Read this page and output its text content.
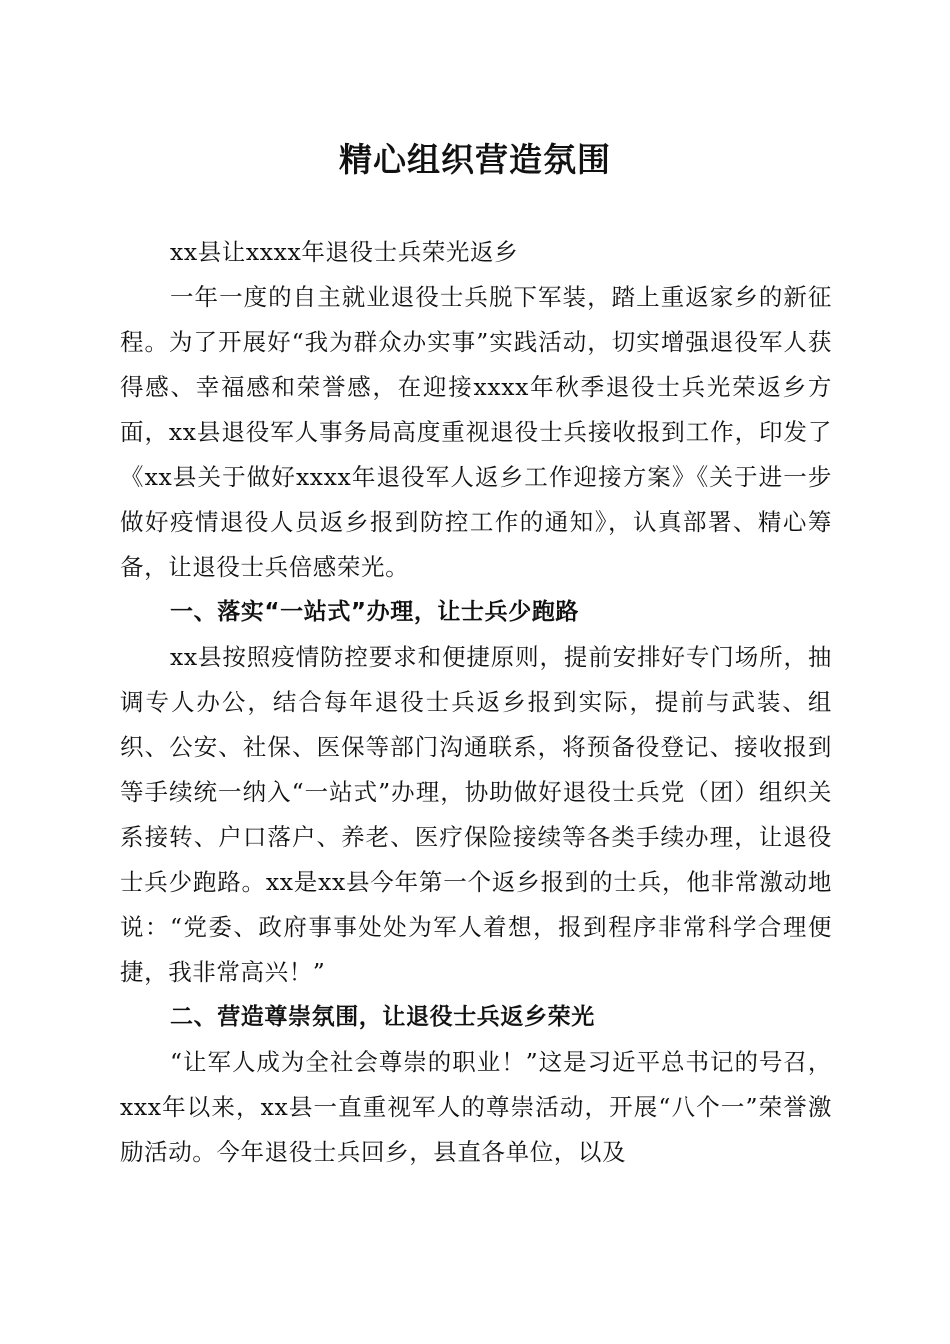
精心组织营造氛围

xx县让xxxx年退役士兵荣光返乡

一年一度的自主就业退役士兵脱下军装，踏上重返家乡的新征程。为了开展好“我为群众办实事”实践活动，切实增强退役军人获得感、幸福感和荣誉感，在迎接xxxx年秋季退役士兵光荣返乡方面，xx县退役军人事务局高度重视退役士兵接收报到工作，印发了《xx县关于做好xxxx年退役军人返乡工作迎接方案》《关于进一步做好疫情退役人员返乡报到防控工作的通知》，认真部署、精心筹备，让退役士兵倍感荣光。

一、落实“一站式”办理，让士兵少跑路

xx县按照疫情防控要求和便捷原则，提前安排好专门场所，抽调专人办公，结合每年退役士兵返乡报到实际，提前与武装、组织、公安、社保、医保等部门沟通联系，将预备役登记、接收报到等手续统一纳入“一站式”办理，协助做好退役士兵党（团）组织关系接转、户口落户、养老、医疗保险接续等各类手续办理，让退役士兵少跑路。xx是xx县今年第一个返乡报到的士兵，他非常激动地说：“党委、政府事事处处为军人着想，报到程序非常科学合理便捷，我非常高兴！”

二、营造尊崇氛围，让退役士兵返乡荣光

“让军人成为全社会尊崇的职业！”这是习近平总书记的号召，xxx年以来，xx县一直重视军人的尊崇活动，开展“八个一”荣誉激励活动。今年退役士兵回乡，县直各单位，以及
